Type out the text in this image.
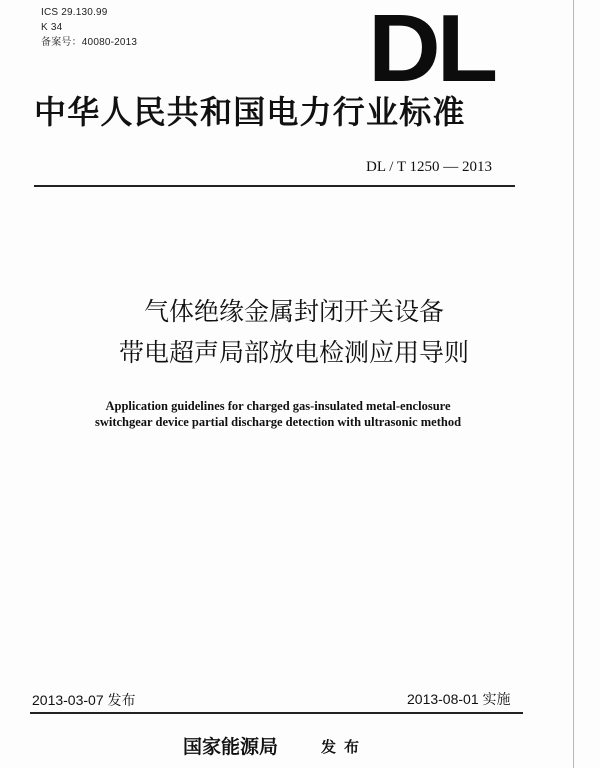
ICS 29.130.99
K 34
备案号：40080-2013 DL
中华人民共和国电力行业标准
DL / T 1250 — 2013
气体绝缘金属封闭开关设备
带电超声局部放电检测应用导则
Application guidelines for charged gas-insulated metal-enclosure
switchgear device partial discharge detection with ultrasonic method
2013-03-07 发布	2013-08-01 实施
国家能源局	发布
